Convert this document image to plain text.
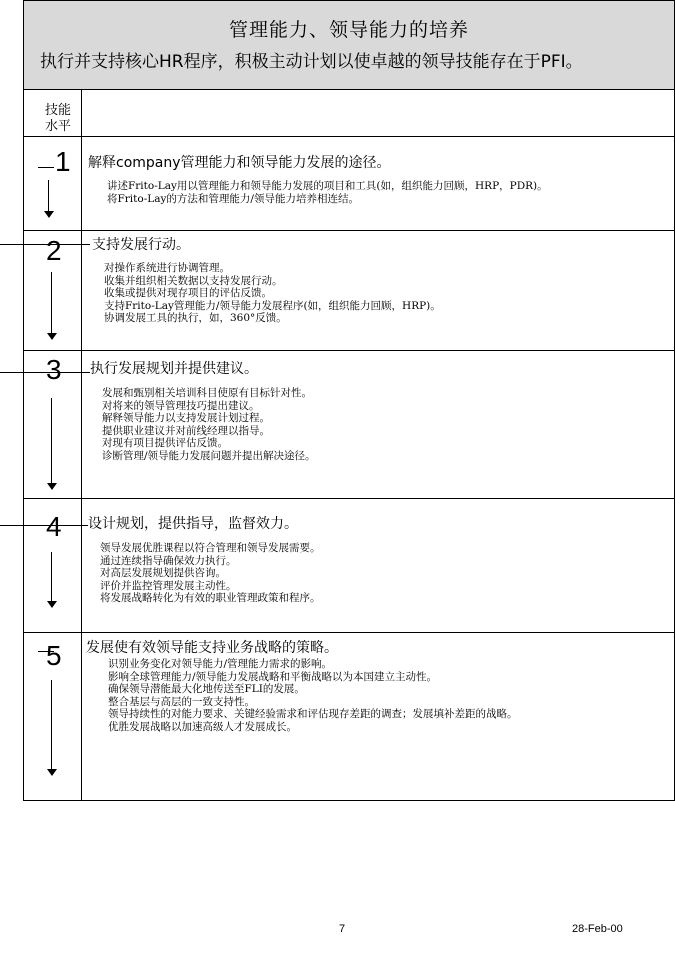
管理能力、领导能力的培养
执行并支持核心HR程序，积极主动计划以使卓越的领导技能存在于PFI。
技能
水平
1 解释company管理能力和领导能力发展的途径。
讲述Frito-Lay用以管理能力和领导能力发展的项目和工具(如，组织能力回顾，HRP，PDR)。
将Frito-Lay的方法和管理能力/领导能力培养相连结。
2 支持发展行动。
对操作系统进行协调管理。
收集并组织相关数据以支持发展行动。
收集或提供对现存项目的评估反馈。
支持Frito-Lay管理能力/领导能力发展程序(如，组织能力回顾，HRP)。
协调发展工具的执行，如，360°反馈。
3 执行发展规划并提供建议。
发展和甄别相关培训科目使原有目标针对性。
对将来的领导管理技巧提出建议。
解释领导能力以支持发展计划过程。
提供职业建议并对前线经理以指导。
对现有项目提供评估反馈。
诊断管理/领导能力发展问题并提出解决途径。
4 设计规划，提供指导，监督效力。
领导发展优胜课程以符合管理和领导发展需要。
通过连续指导确保效力执行。
对高层发展规划提供咨询。
评价并监控管理发展主动性。
将发展战略转化为有效的职业管理政策和程序。
5 发展使有效领导能支持业务战略的策略。
识别业务变化对领导能力/管理能力需求的影响。
影响全球管理能力/领导能力发展战略和平衡战略以为本国建立主动性。
确保领导潜能最大化地传送至FLI的发展。
整合基层与高层的一致支持性。
领导持续性的对能力要求、关键经验需求和评估现存差距的调查；发展填补差距的战略。
优胜发展战略以加速高级人才发展成长。
7	28-Feb-00
